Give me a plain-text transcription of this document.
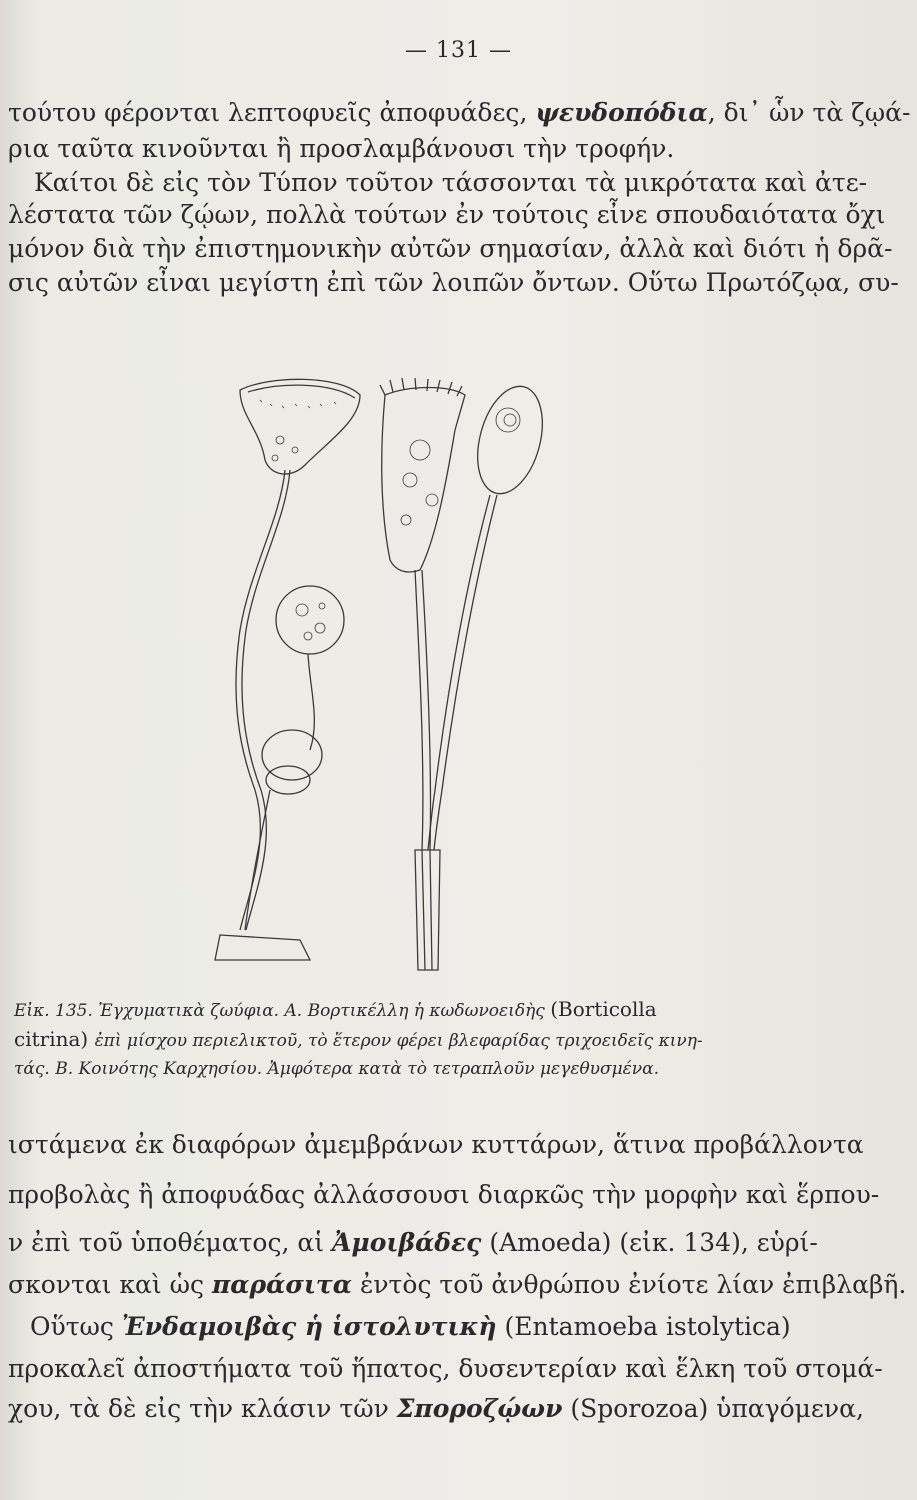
— 131 —
τούτου φέρονται λεπτοφυεῖς ἀποφυάδες, ψευδοπόδια, δι᾿ ὧν τὰ ζῳά-
ρια ταῦτα κινοῦνται ἢ προσλαμβάνουσι τὴν τροφήν.
Καίτοι δὲ εἰς τὸν Τύπον τοῦτον τάσσονται τὰ μικρότατα καὶ ἀτε-
λέστατα τῶν ζῴων, πολλὰ τούτων ἐν τούτοις εἶνε σπουδαιότατα ὄχι
μόνον διὰ τὴν ἐπιστημονικὴν αὐτῶν σημασίαν, ἀλλὰ καὶ διότι ἡ δρᾶ-
σις αὐτῶν εἶναι μεγίστη ἐπὶ τῶν λοιπῶν ὄντων. Οὕτω Πρωτόζῳα, συ-
Εἰκ. 135. Ἐγχυματικὰ ζωύφια. Α. Βορτικέλλη ἡ κωδωνοειδὴς (Borticolla
citrina) ἐπὶ μίσχου περιελικτοῦ, τὸ ἕτερον φέρει βλεφαρίδας τριχοειδεῖς κινη-
τάς. Β. Κοινότης Καρχησίου. Ἀμφότερα κατὰ τὸ τετραπλοῦν μεγεθυσμένα.
ιστάμενα ἐκ διαφόρων ἀμεμβράνων κυττάρων, ἅτινα προβάλλοντα
προβολὰς ἢ ἀποφυάδας ἀλλάσσουσι διαρκῶς τὴν μορφὴν καὶ ἕρπου-
ν ἐπὶ τοῦ ὑποθέματος, αἱ Ἀμοιβάδες (Amoeda) (εἰκ. 134), εὑρί-
σκονται καὶ ὡς παράσιτα ἐντὸς τοῦ ἀνθρώπου ἐνίοτε λίαν ἐπιβλαβῆ.
Οὕτως Ἐνδαμοιβὰς ἡ ἱστολυτικὴ (Entamoeba istolytica)
προκαλεῖ ἀποστήματα τοῦ ἥπατος, δυσεντερίαν καὶ ἕλκη τοῦ στομά-
χου, τὰ δὲ εἰς τὴν κλάσιν τῶν Σποροζῴων (Sporozoa) ὑπαγόμενα,
